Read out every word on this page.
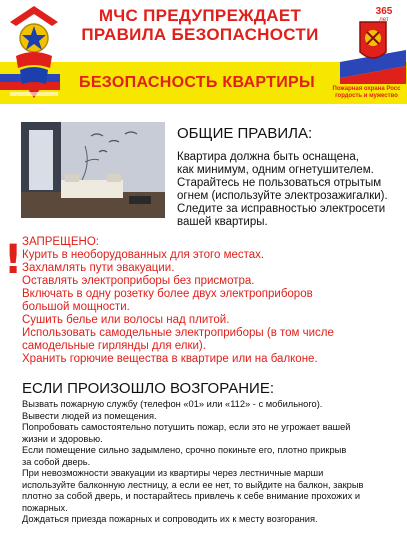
МЧС ПРЕДУПРЕЖДАЕТ
ПРАВИЛА БЕЗОПАСНОСТИ
БЕЗОПАСНОСТЬ КВАРТИРЫ
365
лет
Пожарная охрана Росс
гордость и мужество
ОБЩИЕ ПРАВИЛА:
Квартира должна быть оснащена,
как минимум, одним огнетушителем.
Старайтесь не пользоваться отрытым
огнем (используйте электрозажигалки).
Следите за исправностью электросети
вашей квартиры.
! ЗАПРЕЩЕНО:
Курить в необорудованных для этого местах.
Захламлять пути эвакуации.
Оставлять электроприборы без присмотра.
Включать в одну розетку более двух электроприборов
большой мощности.
Сушить белье или волосы над плитой.
Использовать самодельные электроприборы (в том числе
самодельные гирлянды для елки).
Хранить горючие вещества в квартире или на балконе.
ЕСЛИ ПРОИЗОШЛО ВОЗГОРАНИЕ:
Вызвать пожарную службу (телефон «01» или «112» - с мобильного).
Вывести людей из помещения.
Попробовать самостоятельно потушить пожар, если это не угрожает вашей
жизни и здоровью.
Если помещение сильно задымлено, срочно покиньте его, плотно прикрыв
за собой дверь.
При невозможности эвакуации из квартиры через лестничные марши
используйте балконную лестницу, а если ее нет, то выйдите на балкон, закрыв
плотно за собой дверь, и постарайтесь привлечь к себе внимание прохожих и
пожарных.
Дождаться приезда пожарных и сопроводить их к месту возгорания.
